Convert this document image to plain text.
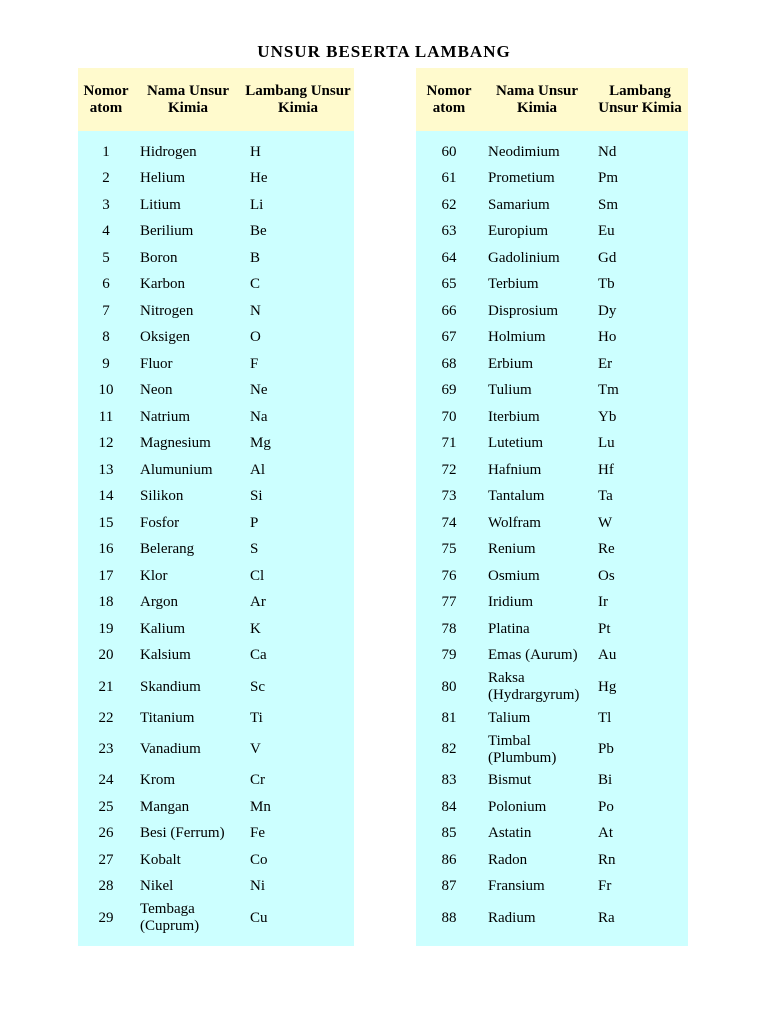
UNSUR BESERTA LAMBANG
Nomor atom	Nama Unsur Kimia	Lambang Unsur Kimia

1	Hidrogen	H
2	Helium	He
3	Litium	Li
4	Berilium	Be
5	Boron	B
6	Karbon	C
7	Nitrogen	N
8	Oksigen	O
9	Fluor	F
10	Neon	Ne
11	Natrium	Na
12	Magnesium	Mg
13	Alumunium	Al
14	Silikon	Si
15	Fosfor	P
16	Belerang	S
17	Klor	Cl
18	Argon	Ar
19	Kalium	K
20	Kalsium	Ca
21	Skandium	Sc
22	Titanium	Ti
23	Vanadium	V
24	Krom	Cr
25	Mangan	Mn
26	Besi (Ferrum)	Fe
27	Kobalt	Co
28	Nikel	Ni
29	Tembaga (Cuprum)	Cu

Nomor atom	Nama Unsur Kimia	Lambang Unsur Kimia

60	Neodimium	Nd
61	Prometium	Pm
62	Samarium	Sm
63	Europium	Eu
64	Gadolinium	Gd
65	Terbium	Tb
66	Disprosium	Dy
67	Holmium	Ho
68	Erbium	Er
69	Tulium	Tm
70	Iterbium	Yb
71	Lutetium	Lu
72	Hafnium	Hf
73	Tantalum	Ta
74	Wolfram	W
75	Renium	Re
76	Osmium	Os
77	Iridium	Ir
78	Platina	Pt
79	Emas (Aurum)	Au
80	Raksa (Hydrargyrum)	Hg
81	Talium	Tl
82	Timbal (Plumbum)	Pb
83	Bismut	Bi
84	Polonium	Po
85	Astatin	At
86	Radon	Rn
87	Fransium	Fr
88	Radium	Ra
